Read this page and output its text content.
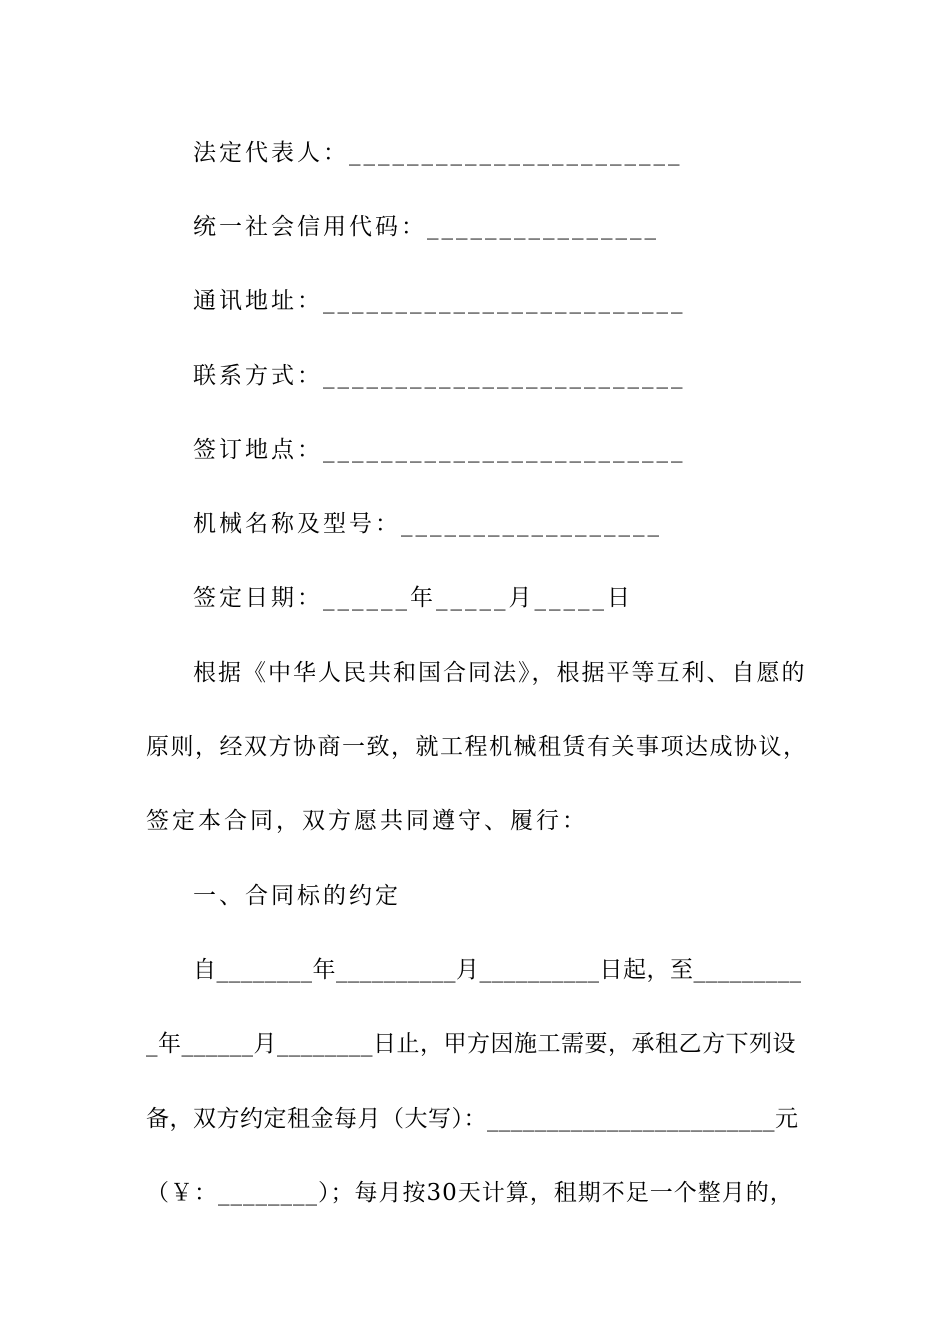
法定代表人：_______________________

统一社会信用代码：________________

通讯地址：_________________________

联系方式：_________________________

签订地点：_________________________

机械名称及型号：__________________

签定日期：______年_____月_____日

根据《中华人民共和国合同法》，根据平等互利、自愿的

原则，经双方协商一致，就工程机械租赁有关事项达成协议，

签定本合同，双方愿共同遵守、履行：

一、合同标的约定

自________年__________月__________日起，至_________

_年______月________日止，甲方因施工需要，承租乙方下列设

备，双方约定租金每月（大写）：________________________元

（￥：________）；每月按30天计算，租期不足一个整月的，
